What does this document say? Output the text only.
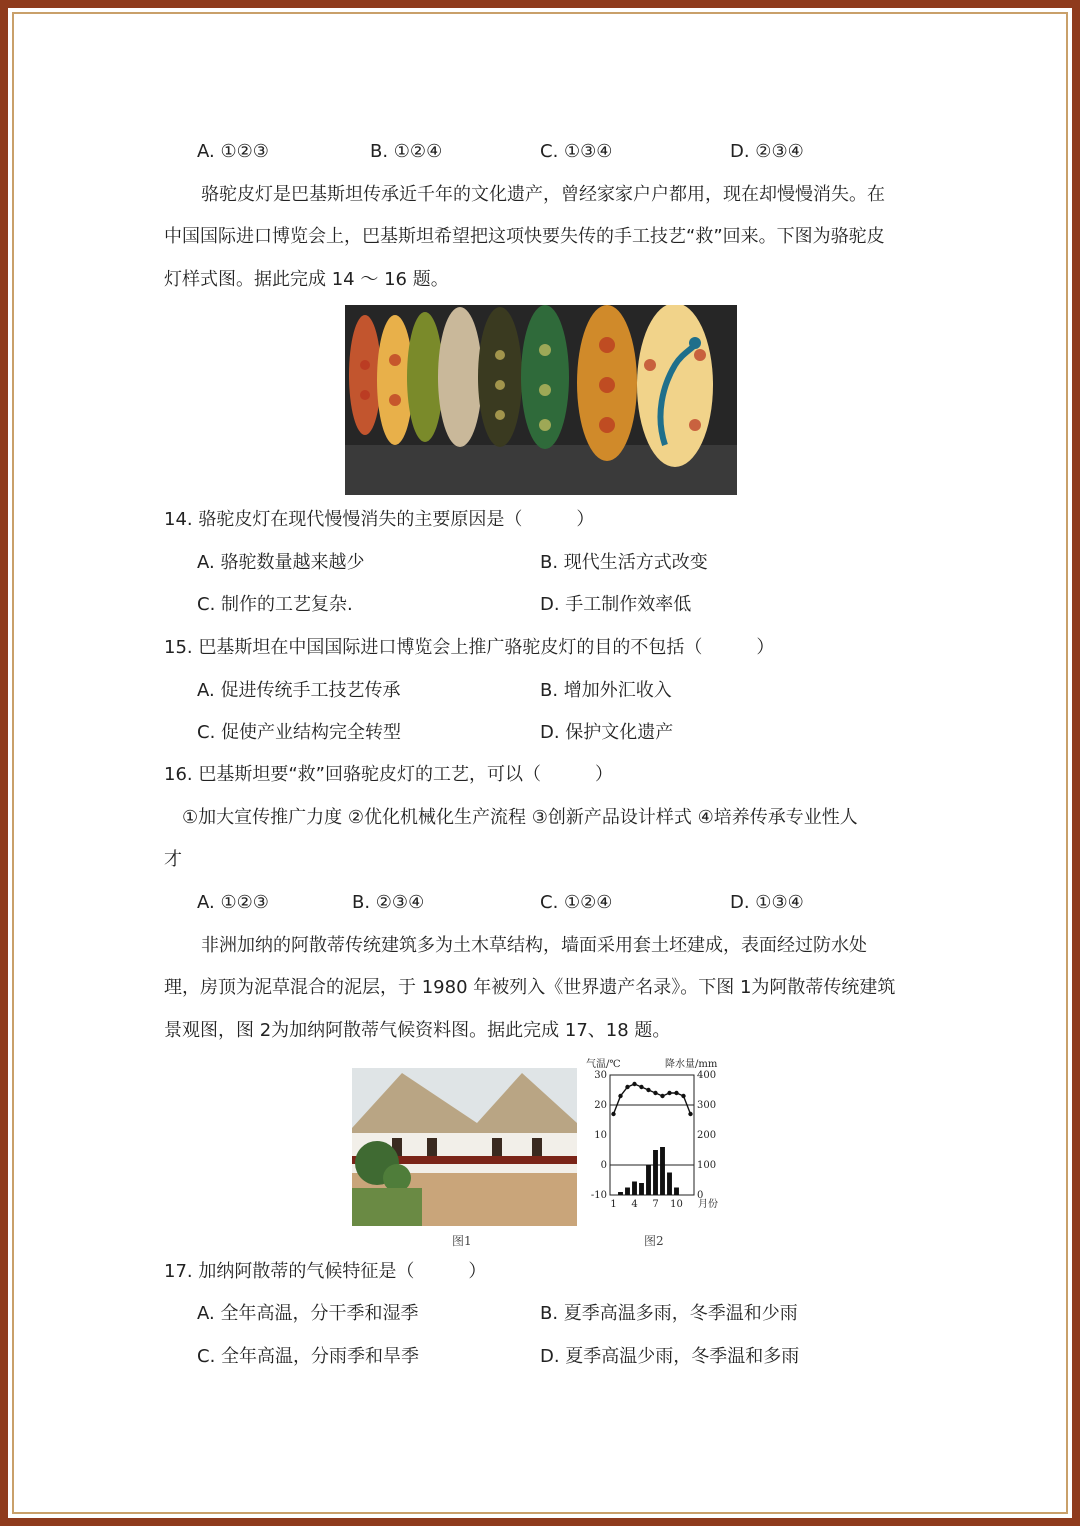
A. ①②③	B. ①②④	C. ①③④	D. ②③④
骆驼皮灯是巴基斯坦传承近千年的文化遗产，曾经家家户户都用，现在却慢慢消失。在
中国国际进口博览会上，巴基斯坦希望把这项快要失传的手工技艺“救”回来。下图为骆驼皮
灯样式图。据此完成 14 ～ 16 题。
14. 骆驼皮灯在现代慢慢消失的主要原因是（　　　）
A. 骆驼数量越来越少	B. 现代生活方式改变
C. 制作的工艺复杂.	D. 手工制作效率低
15. 巴基斯坦在中国国际进口博览会上推广骆驼皮灯的目的不包括（　　　）
A. 促进传统手工技艺传承	B. 增加外汇收入
C. 促使产业结构完全转型	D. 保护文化遗产
16. 巴基斯坦要“救”回骆驼皮灯的工艺，可以（　　　）
①加大宣传推广力度 ②优化机械化生产流程 ③创新产品设计样式 ④培养传承专业性人
才
A. ①②③	B. ②③④	C. ①②④	D. ①③④
非洲加纳的阿散蒂传统建筑多为土木草结构，墙面采用套土坯建成，表面经过防水处
理，房顶为泥草混合的泥层，于 1980 年被列入《世界遗产名录》。下图 1为阿散蒂传统建筑
景观图，图 2为加纳阿散蒂气候资料图。据此完成 17、18 题。
图1
气温/℃	降水量/mm
30
20
10
0
-10
400
300
200
100
0
1 4 7 10 月份
图2
17. 加纳阿散蒂的气候特征是（　　　）
A. 全年高温，分干季和湿季	B. 夏季高温多雨，冬季温和少雨
C. 全年高温，分雨季和旱季	D. 夏季高温少雨，冬季温和多雨
